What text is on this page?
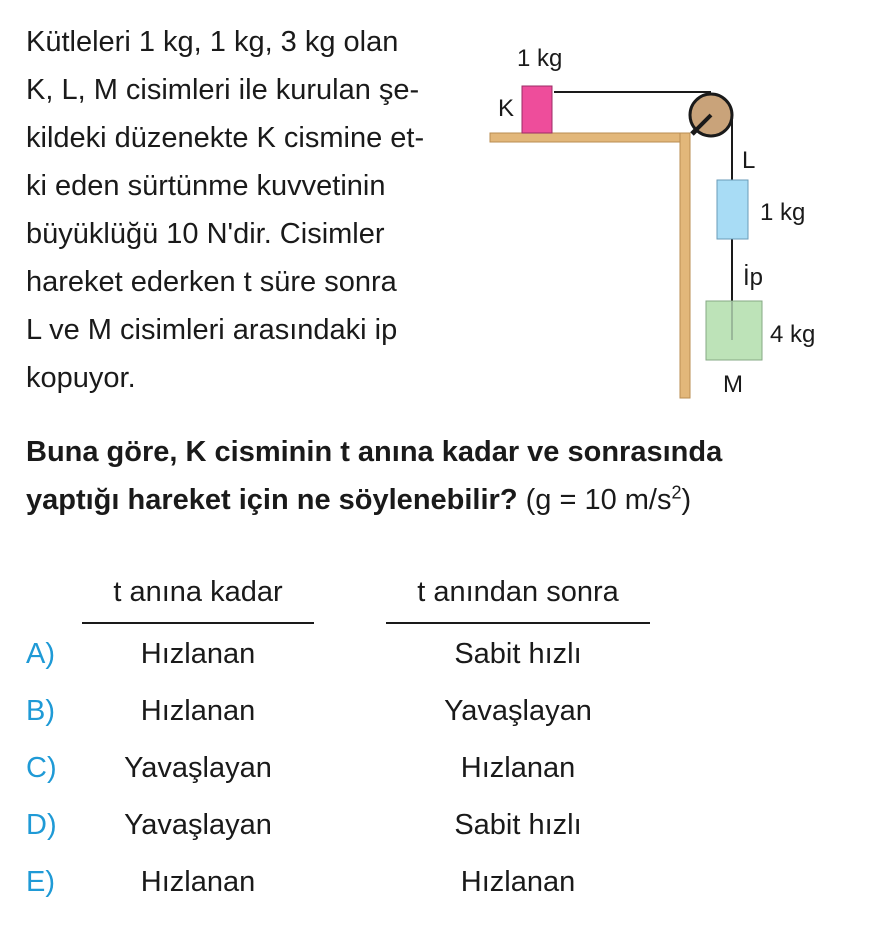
Kütleleri 1 kg, 1 kg, 3 kg olan
K, L, M cisimleri ile kurulan şe-
kildeki düzenekte K cismine et-
ki eden sürtünme kuvvetinin
büyüklüğü 10 N'dir. Cisimler
hareket ederken t süre sonra
L ve M cisimleri arasındaki ip
kopuyor.
1 kg
K
L
1 kg
İp
4 kg
M
Buna göre, K cisminin t anına kadar ve sonrasında
yaptığı hareket için ne söylenebilir? (g = 10 $m/s^2$)
t anına kadar	t anından sonra
A)	Hızlanan	Sabit hızlı
B)	Hızlanan	Yavaşlayan
C)	Yavaşlayan	Hızlanan
D)	Yavaşlayan	Sabit hızlı
E)	Hızlanan	Hızlanan
